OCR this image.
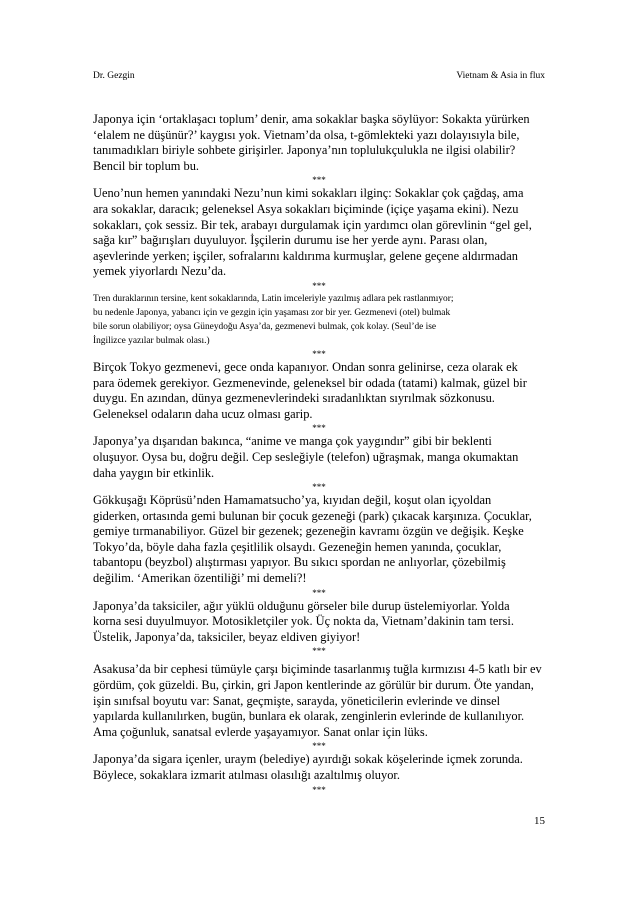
Dr. Gezgin	Vietnam & Asia in flux

Japonya için ‘ortaklaşacı toplum’ denir, ama sokaklar başka söylüyor: Sokakta yürürken
‘elalem ne düşünür?’ kaygısı yok. Vietnam’da olsa, t-gömlekteki yazı dolayısıyla bile,
tanımadıkları biriyle sohbete girişirler. Japonya’nın toplulukçulukla ne ilgisi olabilir?
Bencil bir toplum bu.

***

Ueno’nun hemen yanındaki Nezu’nun kimi sokakları ilginç: Sokaklar çok çağdaş, ama
ara sokaklar, daracık; geleneksel Asya sokakları biçiminde (içiçe yaşama ekini). Nezu
sokakları, çok sessiz. Bir tek, arabayı durgulamak için yardımcı olan görevlinin “gel gel,
sağa kır” bağırışları duyuluyor. İşçilerin durumu ise her yerde aynı. Parası olan,
aşevlerinde yerken; işçiler, sofralarını kaldırıma kurmuşlar, gelene geçene aldırmadan
yemek yiyorlardı Nezu’da.

***

Tren duraklarının tersine, kent sokaklarında, Latin imceleriyle yazılmış adlara pek rastlanmıyor;
bu nedenle Japonya, yabancı için ve gezgin için yaşaması zor bir yer. Gezmenevi (otel) bulmak
bile sorun olabiliyor; oysa Güneydoğu Asya’da, gezmenevi bulmak, çok kolay. (Seul’de ise
İngilizce yazılar bulmak olası.)

***

Birçok Tokyo gezmenevi, gece onda kapanıyor. Ondan sonra gelinirse, ceza olarak ek
para ödemek gerekiyor. Gezmenevinde, geleneksel bir odada (tatami) kalmak, güzel bir
duygu. En azından, dünya gezmenevlerindeki sıradanlıktan sıyrılmak sözkonusu.
Geleneksel odaların daha ucuz olması garip.

***

Japonya’ya dışarıdan bakınca, “anime ve manga çok yaygındır” gibi bir beklenti
oluşuyor. Oysa bu, doğru değil. Cep sesleğiyle (telefon) uğraşmak, manga okumaktan
daha yaygın bir etkinlik.

***

Gökkuşağı Köprüsü’nden Hamamatsucho’ya, kıyıdan değil, koşut olan içyoldan
giderken, ortasında gemi bulunan bir çocuk gezeneği (park) çıkacak karşınıza. Çocuklar,
gemiye tırmanabiliyor. Güzel bir gezenek; gezeneğin kavramı özgün ve değişik. Keşke
Tokyo’da, böyle daha fazla çeşitlilik olsaydı. Gezeneğin hemen yanında, çocuklar,
tabantopu (beyzbol) alıştırması yapıyor. Bu sıkıcı spordan ne anlıyorlar, çözebilmiş
değilim. ‘Amerikan özentiliği’ mi demeli?!

***

Japonya’da taksiciler, ağır yüklü olduğunu görseler bile durup üstelemiyorlar. Yolda
korna sesi duyulmuyor. Motosikletçiler yok. Üç nokta da, Vietnam’dakinin tam tersi.
Üstelik, Japonya’da, taksiciler, beyaz eldiven giyiyor!

***

Asakusa’da bir cephesi tümüyle çarşı biçiminde tasarlanmış tuğla kırmızısı 4-5 katlı bir ev
gördüm, çok güzeldi. Bu, çirkin, gri Japon kentlerinde az görülür bir durum. Öte yandan,
işin sınıfsal boyutu var: Sanat, geçmişte, sarayda, yöneticilerin evlerinde ve dinsel
yapılarda kullanılırken, bugün, bunlara ek olarak, zenginlerin evlerinde de kullanılıyor.
Ama çoğunluk, sanatsal evlerde yaşayamıyor. Sanat onlar için lüks.

***

Japonya’da sigara içenler, uraym (belediye) ayırdığı sokak köşelerinde içmek zorunda.
Böylece, sokaklara izmarit atılması olasılığı azaltılmış oluyor.

***

15
